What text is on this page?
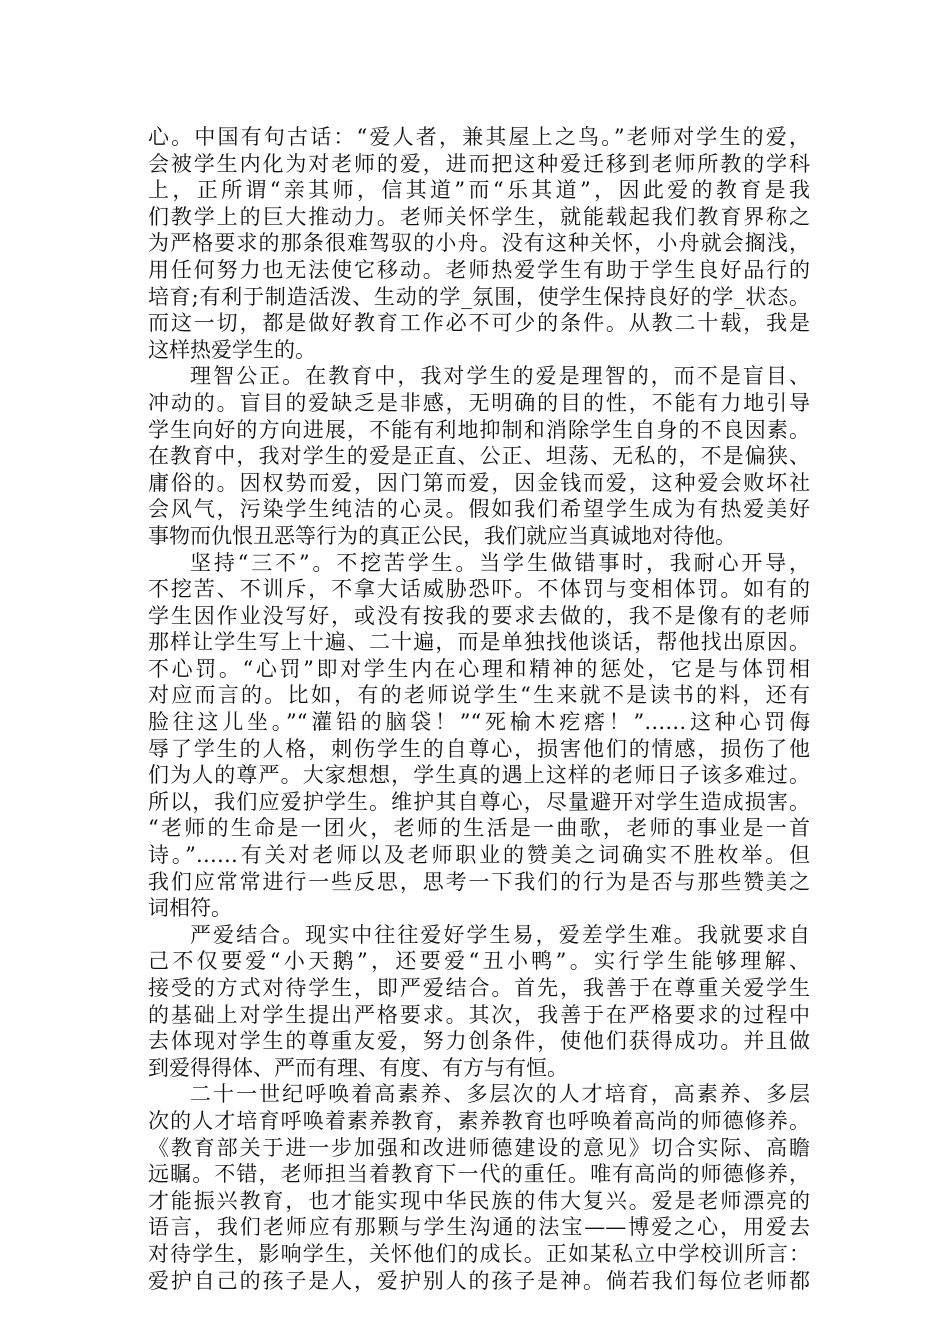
心。中国有句古话：“爱人者，兼其屋上之鸟。”老师对学生的爱，
会被学生内化为对老师的爱，进而把这种爱迁移到老师所教的学科
上，正所谓“亲其师，信其道”而“乐其道”，因此爱的教育是我
们教学上的巨大推动力。老师关怀学生，就能载起我们教育界称之
为严格要求的那条很难驾驭的小舟。没有这种关怀，小舟就会搁浅，
用任何努力也无法使它移动。老师热爱学生有助于学生良好品行的
培育;有利于制造活泼、生动的学_氛围，使学生保持良好的学_状态。
而这一切，都是做好教育工作必不可少的条件。从教二十载，我是
这样热爱学生的。
理智公正。在教育中，我对学生的爱是理智的，而不是盲目、
冲动的。盲目的爱缺乏是非感，无明确的目的性，不能有力地引导
学生向好的方向进展，不能有利地抑制和消除学生自身的不良因素。
在教育中，我对学生的爱是正直、公正、坦荡、无私的，不是偏狭、
庸俗的。因权势而爱，因门第而爱，因金钱而爱，这种爱会败坏社
会风气，污染学生纯洁的心灵。假如我们希望学生成为有热爱美好
事物而仇恨丑恶等行为的真正公民，我们就应当真诚地对待他。
坚持“三不”。不挖苦学生。当学生做错事时，我耐心开导，
不挖苦、不训斥，不拿大话威胁恐吓。不体罚与变相体罚。如有的
学生因作业没写好，或没有按我的要求去做的，我不是像有的老师
那样让学生写上十遍、二十遍，而是单独找他谈话，帮他找出原因。
不心罚。“心罚”即对学生内在心理和精神的惩处，它是与体罚相
对应而言的。比如，有的老师说学生“生来就不是读书的料，还有
脸往这儿坐。”“灌铅的脑袋！”“死榆木疙瘩！”……这种心罚侮
辱了学生的人格，刺伤学生的自尊心，损害他们的情感，损伤了他
们为人的尊严。大家想想，学生真的遇上这样的老师日子该多难过。
所以，我们应爱护学生。维护其自尊心，尽量避开对学生造成损害。
“老师的生命是一团火，老师的生活是一曲歌，老师的事业是一首
诗。”……有关对老师以及老师职业的赞美之词确实不胜枚举。但
我们应常常进行一些反思，思考一下我们的行为是否与那些赞美之
词相符。
严爱结合。现实中往往爱好学生易，爱差学生难。我就要求自
己不仅要爱“小天鹅”，还要爱“丑小鸭”。实行学生能够理解、
接受的方式对待学生，即严爱结合。首先，我善于在尊重关爱学生
的基础上对学生提出严格要求。其次，我善于在严格要求的过程中
去体现对学生的尊重友爱，努力创条件，使他们获得成功。并且做
到爱得得体、严而有理、有度、有方与有恒。
二十一世纪呼唤着高素养、多层次的人才培育，高素养、多层
次的人才培育呼唤着素养教育，素养教育也呼唤着高尚的师德修养。
《教育部关于进一步加强和改进师德建设的意见》切合实际、高瞻
远瞩。不错，老师担当着教育下一代的重任。唯有高尚的师德修养，
才能振兴教育，也才能实现中华民族的伟大复兴。爱是老师漂亮的
语言，我们老师应有那颗与学生沟通的法宝——博爱之心，用爱去
对待学生，影响学生，关怀他们的成长。正如某私立中学校训所言：
爱护自己的孩子是人，爱护别人的孩子是神。倘若我们每位老师都
